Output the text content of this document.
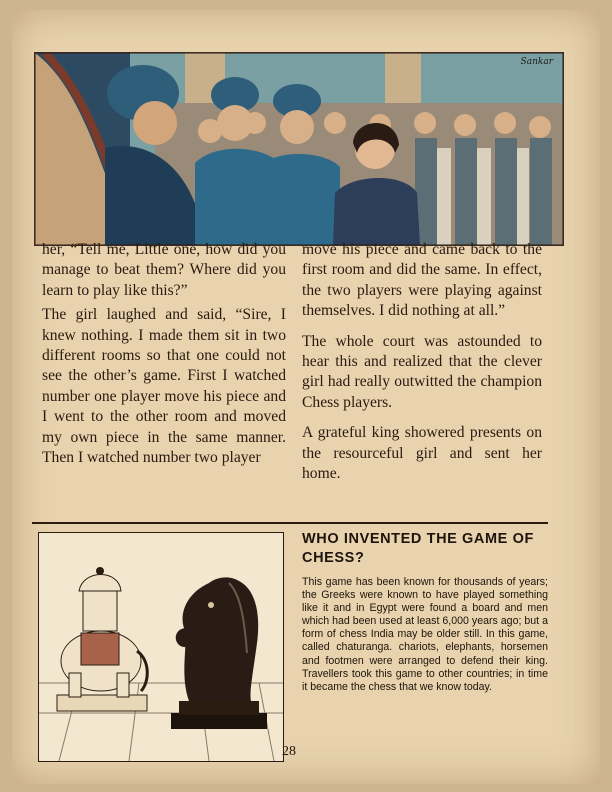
Sankar

her, “Tell me, Little one, how did you manage to beat them? Where did you learn to play like this?”

The girl laughed and said, “Sire, I knew nothing. I made them sit in two different rooms so that one could not see the other’s game. First I watched number one player move his piece and I went to the other room and moved my own piece in the same manner. Then I watched number two player

move his piece and came back to the first room and did the same. In effect, the two players were playing against themselves. I did nothing at all.”

The whole court was astounded to hear this and realized that the clever girl had really outwitted the champion Chess players.

A grateful king showered presents on the resourceful girl and sent her home.

WHO INVENTED THE GAME OF CHESS?
This game has been known for thousands of years; the Greeks were known to have played something like it and in Egypt were found a board and men which had been used at least 6,000 years ago; but a form of chess India may be older still. In this game, called chaturanga. chariots, elephants, horsemen and footmen were arranged to defend their king. Travellers took this game to other countries; in time it became the chess that we know today.
28
